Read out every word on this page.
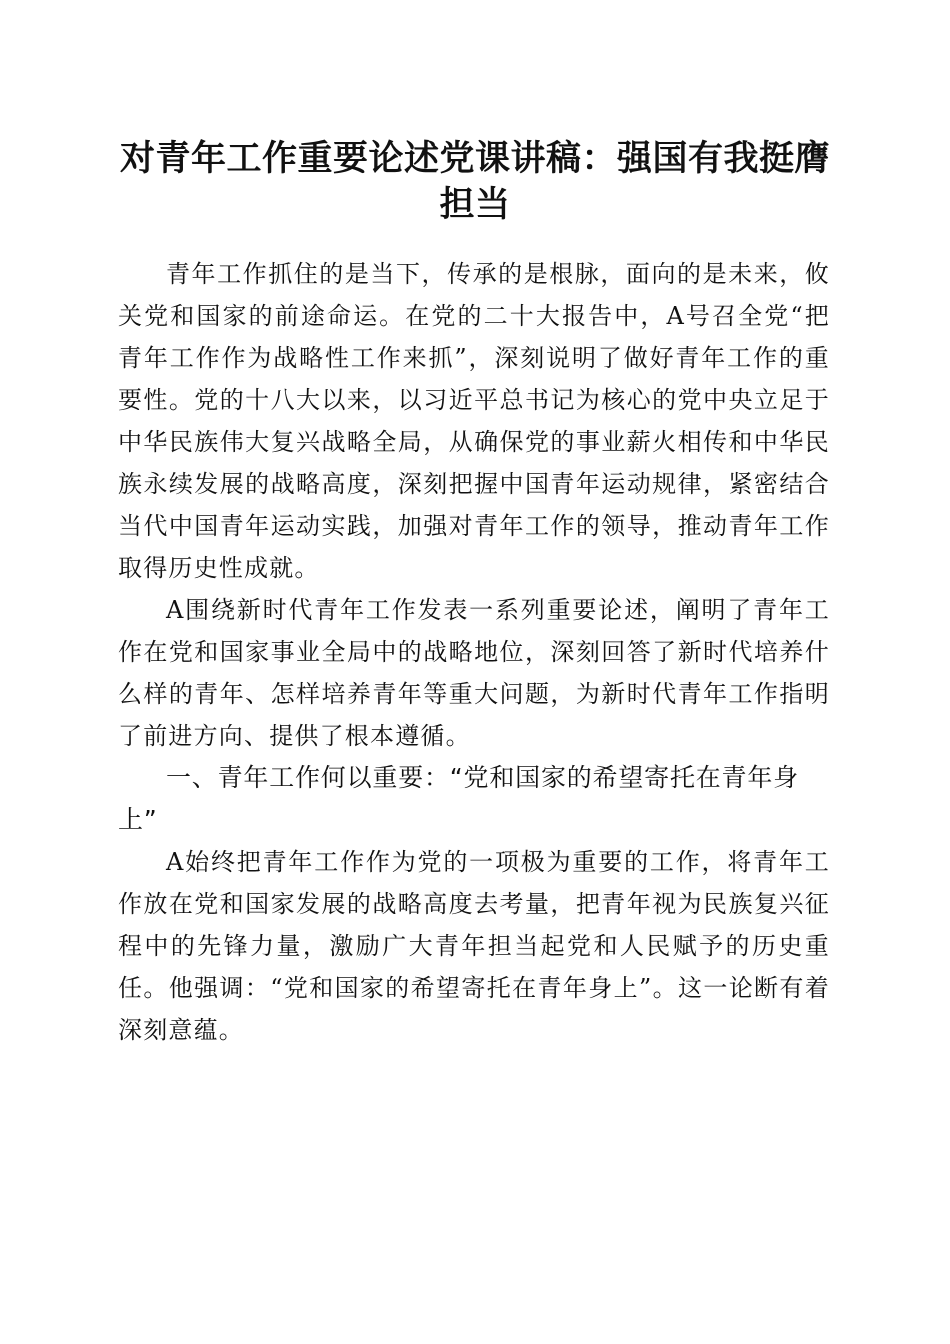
对青年工作重要论述党课讲稿：强国有我挺膺担当

青年工作抓住的是当下，传承的是根脉，面向的是未来，攸关党和国家的前途命运。在党的二十大报告中，A号召全党“把青年工作作为战略性工作来抓”，深刻说明了做好青年工作的重要性。党的十八大以来，以习近平总书记为核心的党中央立足于中华民族伟大复兴战略全局，从确保党的事业薪火相传和中华民族永续发展的战略高度，深刻把握中国青年运动规律，紧密结合当代中国青年运动实践，加强对青年工作的领导，推动青年工作取得历史性成就。

A围绕新时代青年工作发表一系列重要论述，阐明了青年工作在党和国家事业全局中的战略地位，深刻回答了新时代培养什么样的青年、怎样培养青年等重大问题，为新时代青年工作指明了前进方向、提供了根本遵循。

一、青年工作何以重要：“党和国家的希望寄托在青年身上”

A始终把青年工作作为党的一项极为重要的工作，将青年工作放在党和国家发展的战略高度去考量，把青年视为民族复兴征程中的先锋力量，激励广大青年担当起党和人民赋予的历史重任。他强调：“党和国家的希望寄托在青年身上”。这一论断有着深刻意蕴。
